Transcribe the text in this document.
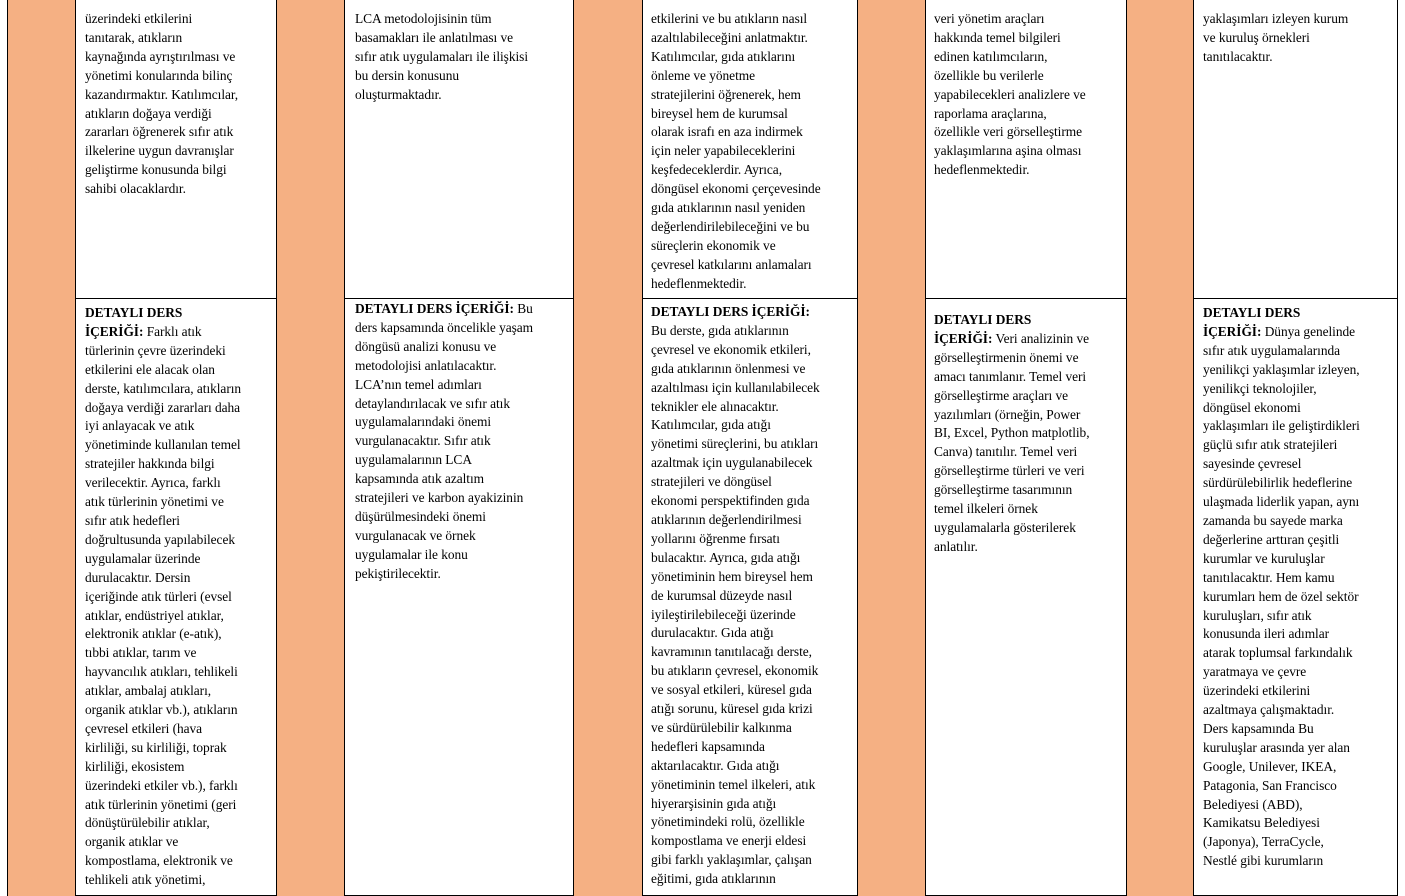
üzerindeki etkilerini
tanıtarak, atıkların
kaynağında ayrıştırılması ve
yönetimi konularında bilinç
kazandırmaktır. Katılımcılar,
atıkların doğaya verdiği
zararları öğrenerek sıfır atık
ilkelerine uygun davranışlar
geliştirme konusunda bilgi
sahibi olacaklardır.

DETAYLI DERS
İÇERİĞİ: Farklı atık
türlerinin çevre üzerindeki
etkilerini ele alacak olan
derste, katılımcılara, atıkların
doğaya verdiği zararları daha
iyi anlayacak ve atık
yönetiminde kullanılan temel
stratejiler hakkında bilgi
verilecektir. Ayrıca, farklı
atık türlerinin yönetimi ve
sıfır atık hedefleri
doğrultusunda yapılabilecek
uygulamalar üzerinde
durulacaktır. Dersin
içeriğinde atık türleri (evsel
atıklar, endüstriyel atıklar,
elektronik atıklar (e-atık),
tıbbi atıklar, tarım ve
hayvancılık atıkları, tehlikeli
atıklar, ambalaj atıkları,
organik atıklar vb.), atıkların
çevresel etkileri (hava
kirliliği, su kirliliği, toprak
kirliliği, ekosistem
üzerindeki etkiler vb.), farklı
atık türlerinin yönetimi (geri
dönüştürülebilir atıklar,
organik atıklar ve
kompostlama, elektronik ve
tehlikeli atık yönetimi,

LCA metodolojisinin tüm
basamakları ile anlatılması ve
sıfır atık uygulamaları ile ilişkisi
bu dersin konusunu
oluşturmaktadır.

DETAYLI DERS İÇERİĞİ: Bu
ders kapsamında öncelikle yaşam
döngüsü analizi konusu ve
metodolojisi anlatılacaktır.
LCA’nın temel adımları
detaylandırılacak ve sıfır atık
uygulamalarındaki önemi
vurgulanacaktır. Sıfır atık
uygulamalarının LCA
kapsamında atık azaltım
stratejileri ve karbon ayakizinin
düşürülmesindeki önemi
vurgulanacak ve örnek
uygulamalar ile konu
pekiştirilecektir.

etkilerini ve bu atıkların nasıl
azaltılabileceğini anlatmaktır.
Katılımcılar, gıda atıklarını
önleme ve yönetme
stratejilerini öğrenerek, hem
bireysel hem de kurumsal
olarak israfı en aza indirmek
için neler yapabileceklerini
keşfedeceklerdir. Ayrıca,
döngüsel ekonomi çerçevesinde
gıda atıklarının nasıl yeniden
değerlendirilebileceğini ve bu
süreçlerin ekonomik ve
çevresel katkılarını anlamaları
hedeflenmektedir.

DETAYLI DERS İÇERİĞİ:
Bu derste, gıda atıklarının
çevresel ve ekonomik etkileri,
gıda atıklarının önlenmesi ve
azaltılması için kullanılabilecek
teknikler ele alınacaktır.
Katılımcılar, gıda atığı
yönetimi süreçlerini, bu atıkları
azaltmak için uygulanabilecek
stratejileri ve döngüsel
ekonomi perspektifinden gıda
atıklarının değerlendirilmesi
yollarını öğrenme fırsatı
bulacaktır. Ayrıca, gıda atığı
yönetiminin hem bireysel hem
de kurumsal düzeyde nasıl
iyileştirilebileceği üzerinde
durulacaktır. Gıda atığı
kavramının tanıtılacağı derste,
bu atıkların çevresel, ekonomik
ve sosyal etkileri, küresel gıda
atığı sorunu, küresel gıda krizi
ve sürdürülebilir kalkınma
hedefleri kapsamında
aktarılacaktır. Gıda atığı
yönetiminin temel ilkeleri, atık
hiyerarşisinin gıda atığı
yönetimindeki rolü, özellikle
kompostlama ve enerji eldesi
gibi farklı yaklaşımlar, çalışan
eğitimi, gıda atıklarının

veri yönetim araçları
hakkında temel bilgileri
edinen katılımcıların,
özellikle bu verilerle
yapabilecekleri analizlere ve
raporlama araçlarına,
özellikle veri görselleştirme
yaklaşımlarına aşina olması
hedeflenmektedir.

DETAYLI DERS
İÇERİĞİ: Veri analizinin ve
görselleştirmenin önemi ve
amacı tanımlanır. Temel veri
görselleştirme araçları ve
yazılımları (örneğin, Power
BI, Excel, Python matplotlib,
Canva) tanıtılır. Temel veri
görselleştirme türleri ve veri
görselleştirme tasarımının
temel ilkeleri örnek
uygulamalarla gösterilerek
anlatılır.

yaklaşımları izleyen kurum
ve kuruluş örnekleri
tanıtılacaktır.

DETAYLI DERS
İÇERİĞİ: Dünya genelinde
sıfır atık uygulamalarında
yenilikçi yaklaşımlar izleyen,
yenilikçi teknolojiler,
döngüsel ekonomi
yaklaşımları ile geliştirdikleri
güçlü sıfır atık stratejileri
sayesinde çevresel
sürdürülebilirlik hedeflerine
ulaşmada liderlik yapan, aynı
zamanda bu sayede marka
değerlerine arttıran çeşitli
kurumlar ve kuruluşlar
tanıtılacaktır. Hem kamu
kurumları hem de özel sektör
kuruluşları, sıfır atık
konusunda ileri adımlar
atarak toplumsal farkındalık
yaratmaya ve çevre
üzerindeki etkilerini
azaltmaya çalışmaktadır.
Ders kapsamında Bu
kuruluşlar arasında yer alan
Google, Unilever, IKEA,
Patagonia, San Francisco
Belediyesi (ABD),
Kamikatsu Belediyesi
(Japonya), TerraCycle,
Nestlé gibi kurumların
